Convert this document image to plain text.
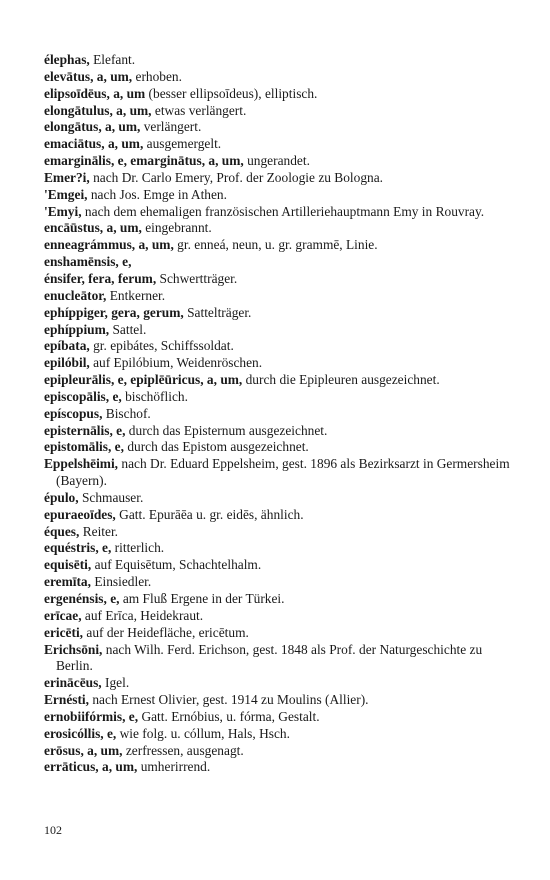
élephas, Elefant.
elevātus, a, um, erhoben.
elipsoīdēus, a, um (besser ellipsoīdeus), elliptisch.
elongātulus, a, um, etwas verlängert.
elongātus, a, um, verlängert.
emaciātus, a, um, ausgemergelt.
emarginālis, e, emarginātus, a, um, ungerandet.
Emer?i, nach Dr. Carlo Emery, Prof. der Zoologie zu Bologna.
'Emgei, nach Jos. Emge in Athen.
'Emyi, nach dem ehemaligen französischen Artilleriehauptmann Emy in Rouvray.
encāūstus, a, um, eingebrannt.
enneagrámmus, a, um, gr. enneá, neun, u. gr. grammē, Linie.
enshamēnsis, e,
énsifer, fera, ferum, Schwertträger.
enucleātor, Entkerner.
ephíppiger, gera, gerum, Sattelträger.
ephíppium, Sattel.
epíbata, gr. epibátes, Schiffssoldat.
epilóbil, auf Epilóbium, Weidenröschen.
epipleurālis, e, epiplēūricus, a, um, durch die Epipleuren ausgezeichnet.
episcopālis, e, bischöflich.
epíscopus, Bischof.
episternālis, e, durch das Episternum ausgezeichnet.
epistomālis, e, durch das Epistom ausgezeichnet.
Eppelshēimi, nach Dr. Eduard Eppelsheim, gest. 1896 als Bezirksarzt in Germersheim (Bayern).
épulo, Schmauser.
epuraeoīdes, Gatt. Epurāēa u. gr. eidēs, ähnlich.
éques, Reiter.
equéstris, e, ritterlich.
equisēti, auf Equisētum, Schachtelhalm.
eremīta, Einsiedler.
ergenénsis, e, am Fluß Ergene in der Türkei.
erīcae, auf Erīca, Heidekraut.
ericēti, auf der Heidefläche, ericētum.
Erichsōni, nach Wilh. Ferd. Erichson, gest. 1848 als Prof. der Naturgeschichte zu Berlin.
erinācēus, Igel.
Ernésti, nach Ernest Olivier, gest. 1914 zu Moulins (Allier).
ernobiifórmis, e, Gatt. Ernóbius, u. fórma, Gestalt.
erosicóllis, e, wie folg. u. cóllum, Hals, Hsch.
erōsus, a, um, zerfressen, ausgenagt.
errāticus, a, um, umherirrend.
102
